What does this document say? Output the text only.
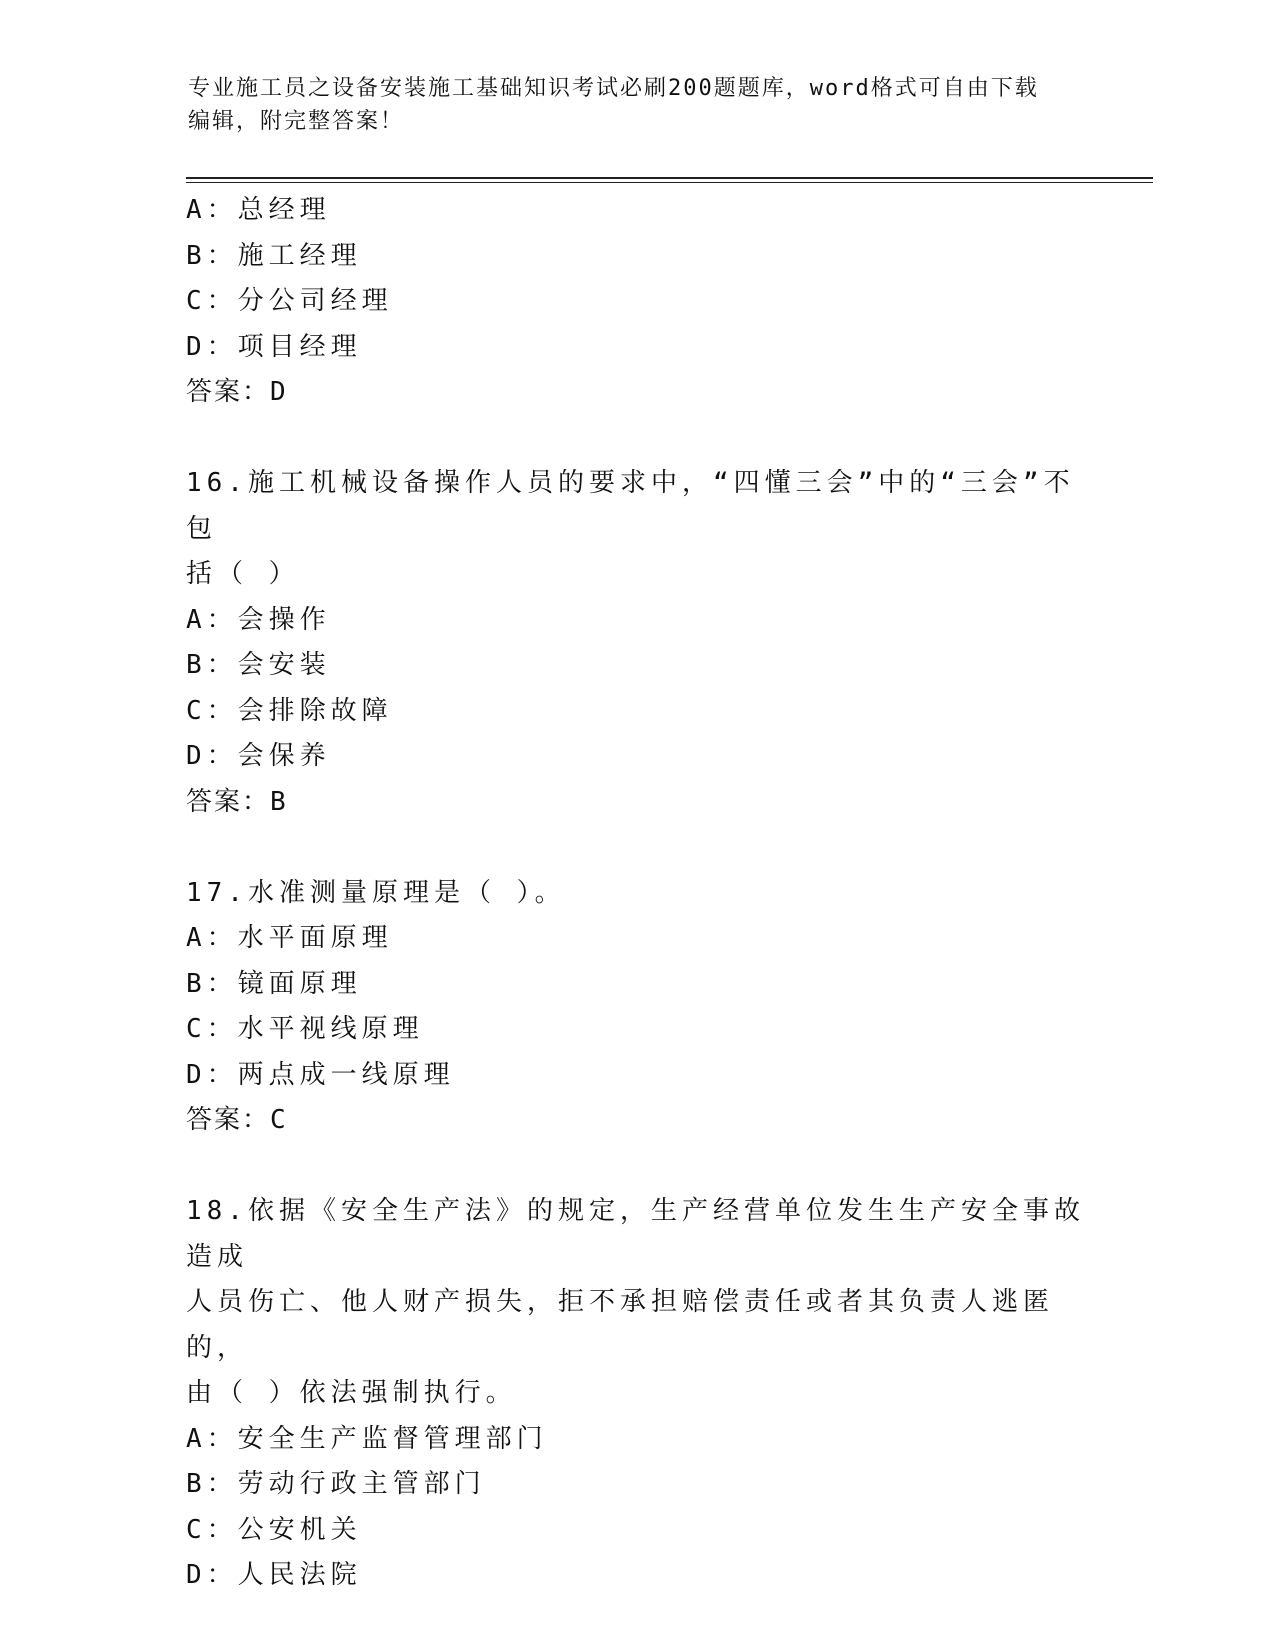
专业施工员之设备安装施工基础知识考试必刷200题题库，word格式可自由下载
编辑，附完整答案！
A：总经理
B：施工经理
C：分公司经理
D：项目经理
答案：D
16.施工机械设备操作人员的要求中，“四懂三会”中的“三会”不包
括（ ）
A：会操作
B：会安装
C：会排除故障
D：会保养
答案：B
17.水准测量原理是（ ）。
A：水平面原理
B：镜面原理
C：水平视线原理
D：两点成一线原理
答案：C
18.依据《安全生产法》的规定，生产经营单位发生生产安全事故造成
人员伤亡、他人财产损失，拒不承担赔偿责任或者其负责人逃匿的，
由（ ）依法强制执行。
A：安全生产监督管理部门
B：劳动行政主管部门
C：公安机关
D：人民法院
